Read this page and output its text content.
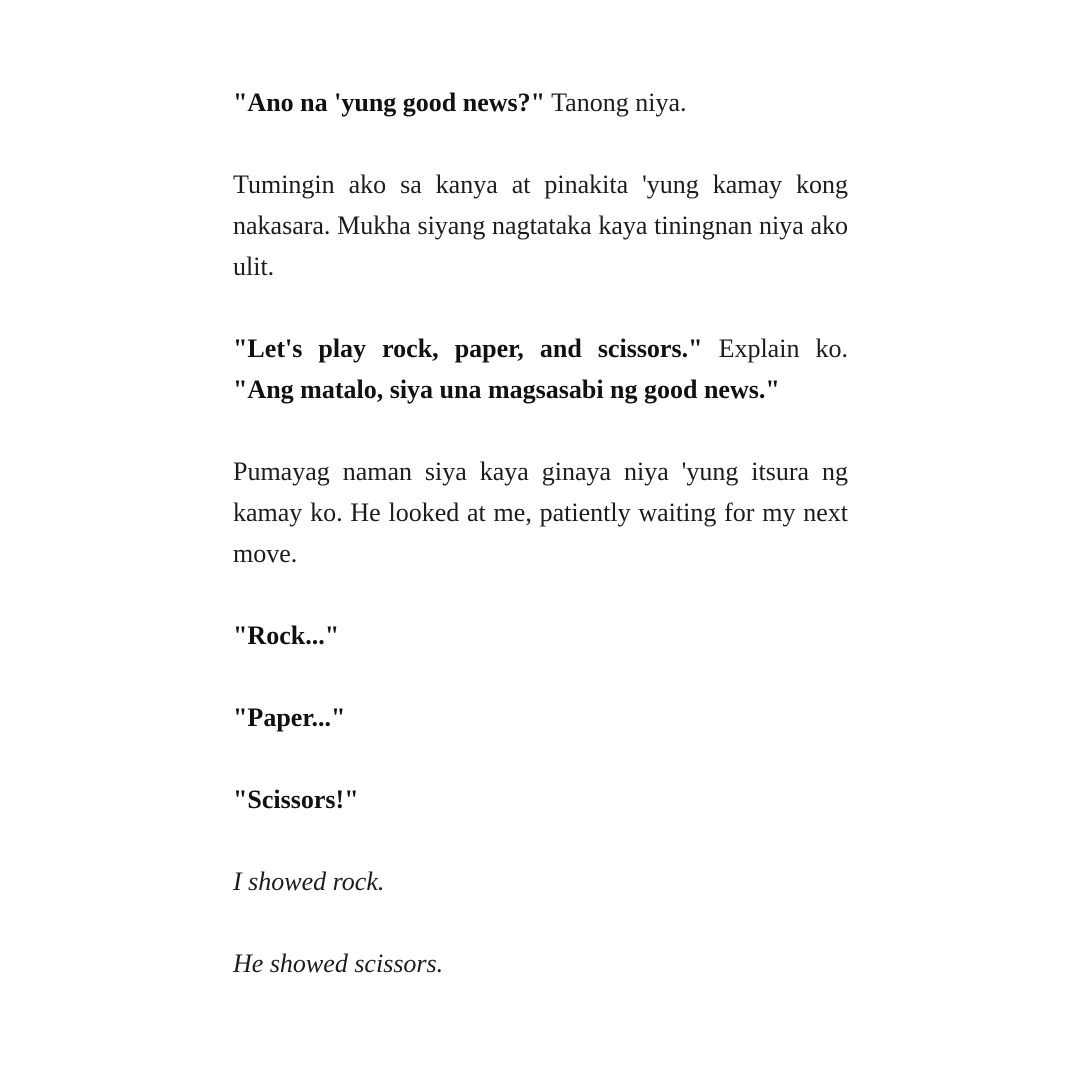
"Ano na 'yung good news?" Tanong niya.

Tumingin ako sa kanya at pinakita 'yung kamay kong nakasara. Mukha siyang nagtataka kaya tiningnan niya ako ulit.

"Let's play rock, paper, and scissors." Explain ko. "Ang matalo, siya una magsasabi ng good news."

Pumayag naman siya kaya ginaya niya 'yung itsura ng kamay ko. He looked at me, patiently waiting for my next move.

"Rock..."

"Paper..."

"Scissors!"

I showed rock.

He showed scissors.
